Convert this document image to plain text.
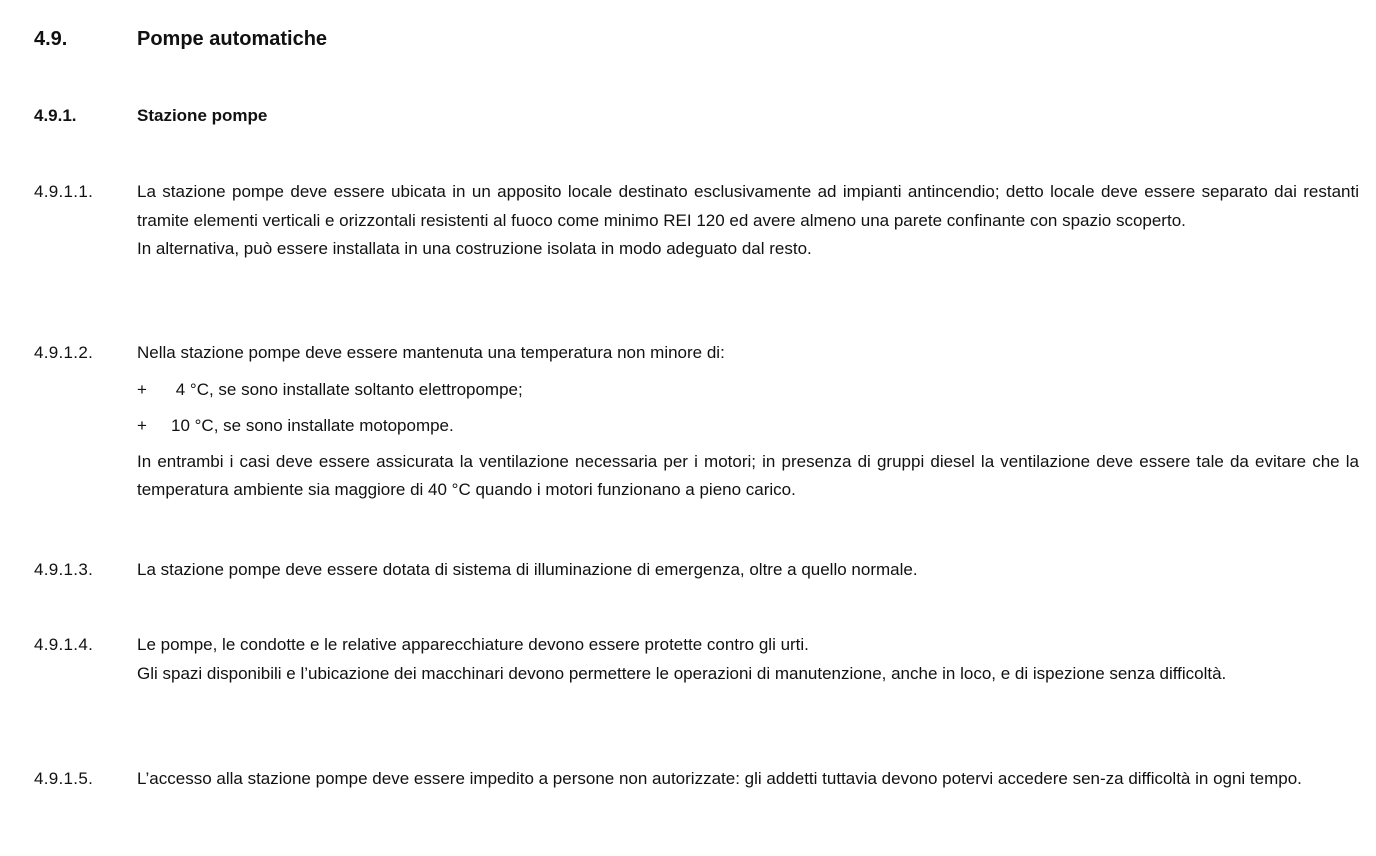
4.9.	Pompe automatiche
4.9.1.	Stazione pompe
4.9.1.1.	La stazione pompe deve essere ubicata in un apposito locale destinato esclusivamente ad impianti antincendio; detto locale deve essere separato dai restanti tramite elementi verticali e orizzontali resistenti al fuoco come minimo REI 120 ed avere almeno una parete confinante con spazio scoperto.

In alternativa, può essere installata in una costruzione isolata in modo adeguato dal resto.

4.9.1.2.	Nella stazione pompe deve essere mantenuta una temperatura non minore di:

+ 4 °C, se sono installate soltanto elettropompe;
+ 10 °C, se sono installate motopompe.

In entrambi i casi deve essere assicurata la ventilazione necessaria per i motori; in presenza di gruppi diesel la ventilazione deve essere tale da evitare che la temperatura ambiente sia maggiore di 40 °C quando i motori funzionano a pieno carico.

4.9.1.3.	La stazione pompe deve essere dotata di sistema di illuminazione di emergenza, oltre a quello normale.

4.9.1.4.	Le pompe, le condotte e le relative apparecchiature devono essere protette contro gli urti.

Gli spazi disponibili e l’ubicazione dei macchinari devono permettere le operazioni di manutenzione, anche in loco, e di ispezione senza difficoltà.

4.9.1.5.	L’accesso alla stazione pompe deve essere impedito a persone non autorizzate: gli addetti tuttavia devono potervi accedere sen-za difficoltà in ogni tempo.
